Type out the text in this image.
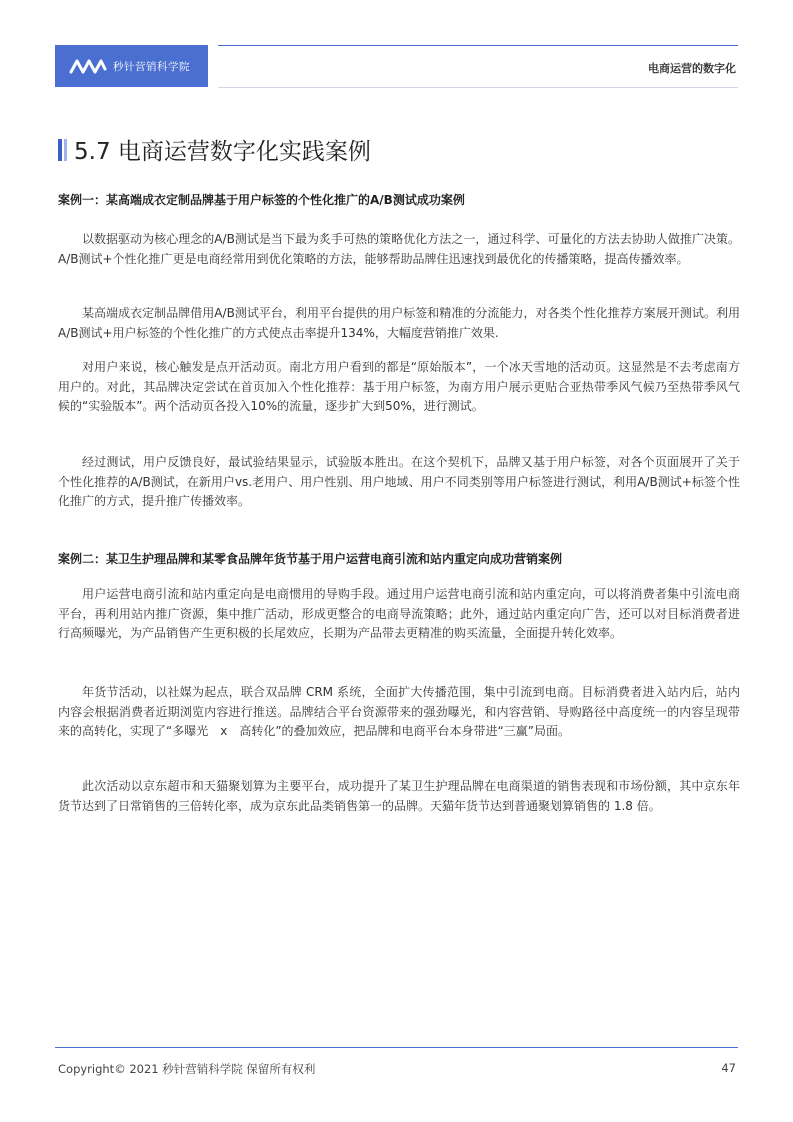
秒针营销科学院	电商运营的数字化
5.7 电商运营数字化实践案例
案例一：某高端成衣定制品牌基于用户标签的个性化推广的A/B测试成功案例

以数据驱动为核心理念的A/B测试是当下最为炙手可热的策略优化方法之一，通过科学、可量化的方法去协助人做推广决策。A/B测试+个性化推广更是电商经常用到优化策略的方法，能够帮助品牌住迅速找到最优化的传播策略，提高传播效率。

某高端成衣定制品牌借用A/B测试平台，利用平台提供的用户标签和精准的分流能力，对各类个性化推荐方案展开测试。利用A/B测试+用户标签的个性化推广的方式使点击率提升134%，大幅度营销推广效果.

对用户来说，核心触发是点开活动页。南北方用户看到的都是“原始版本”，一个冰天雪地的活动页。这显然是不去考虑南方用户的。对此，其品牌决定尝试在首页加入个性化推荐：基于用户标签，为南方用户展示更贴合亚热带季风气候乃至热带季风气候的“实验版本”。两个活动页各投入10%的流量，逐步扩大到50%，进行测试。

经过测试，用户反馈良好，最试验结果显示，试验版本胜出。在这个契机下，品牌又基于用户标签，对各个页面展开了关于个性化推荐的A/B测试，在新用户vs.老用户、用户性别、用户地域、用户不同类别等用户标签进行测试，利用A/B测试+标签个性化推广的方式，提升推广传播效率。

案例二：某卫生护理品牌和某零食品牌年货节基于用户运营电商引流和站内重定向成功营销案例

用户运营电商引流和站内重定向是电商惯用的导购手段。通过用户运营电商引流和站内重定向，可以将消费者集中引流电商平台，再利用站内推广资源，集中推广活动，形成更整合的电商导流策略；此外，通过站内重定向广告，还可以对目标消费者进行高频曝光，为产品销售产生更积极的长尾效应，长期为产品带去更精准的购买流量，全面提升转化效率。

年货节活动，以社媒为起点，联合双品牌 CRM 系统，全面扩大传播范围，集中引流到电商。目标消费者进入站内后，站内内容会根据消费者近期浏览内容进行推送。品牌结合平台资源带来的强劲曝光，和内容营销、导购路径中高度统一的内容呈现带来的高转化，实现了“多曝光　x　高转化”的叠加效应，把品牌和电商平台本身带进“三赢”局面。

此次活动以京东超市和天猫聚划算为主要平台，成功提升了某卫生护理品牌在电商渠道的销售表现和市场份额，其中京东年货节达到了日常销售的三倍转化率，成为京东此品类销售第一的品牌。天猫年货节达到普通聚划算销售的 1.8 倍。

Copyright© 2021 秒针营销科学院 保留所有权利	47
